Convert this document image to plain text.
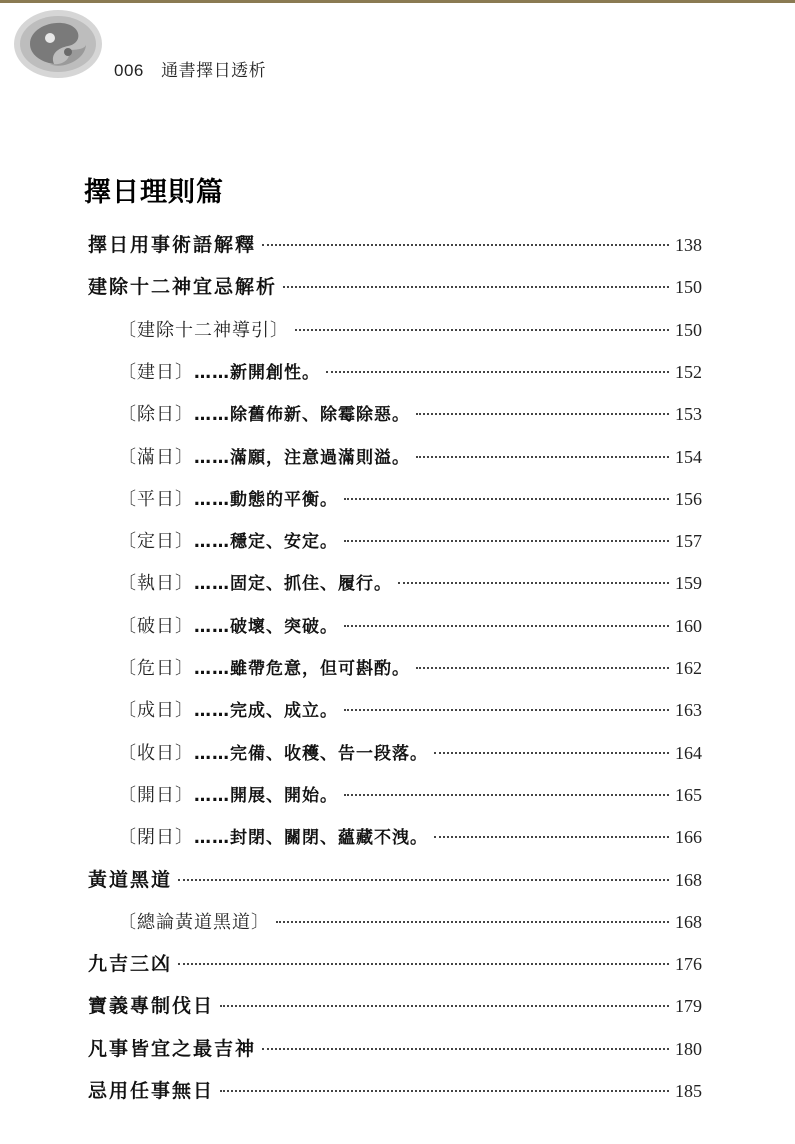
006 通書擇日透析
擇日理則篇
擇日用事術語解釋	138
建除十二神宜忌解析	150
〔建除十二神導引〕	150
〔建日〕 ……新開創性。	152
〔除日〕 ……除舊佈新、除霉除惡。	153
〔滿日〕 ……滿願，注意過滿則溢。	154
〔平日〕 ……動態的平衡。	156
〔定日〕 ……穩定、安定。	157
〔執日〕 ……固定、抓住、履行。	159
〔破日〕 ……破壞、突破。	160
〔危日〕 ……雖帶危意，但可斟酌。	162
〔成日〕 ……完成、成立。	163
〔收日〕 ……完備、收穫、告一段落。	164
〔開日〕 ……開展、開始。	165
〔閉日〕 ……封閉、關閉、蘊藏不洩。	166
黃道黑道	168
〔總論黃道黑道〕	168
九吉三凶	176
寶義專制伐日	179
凡事皆宜之最吉神	180
忌用任事無日	185
